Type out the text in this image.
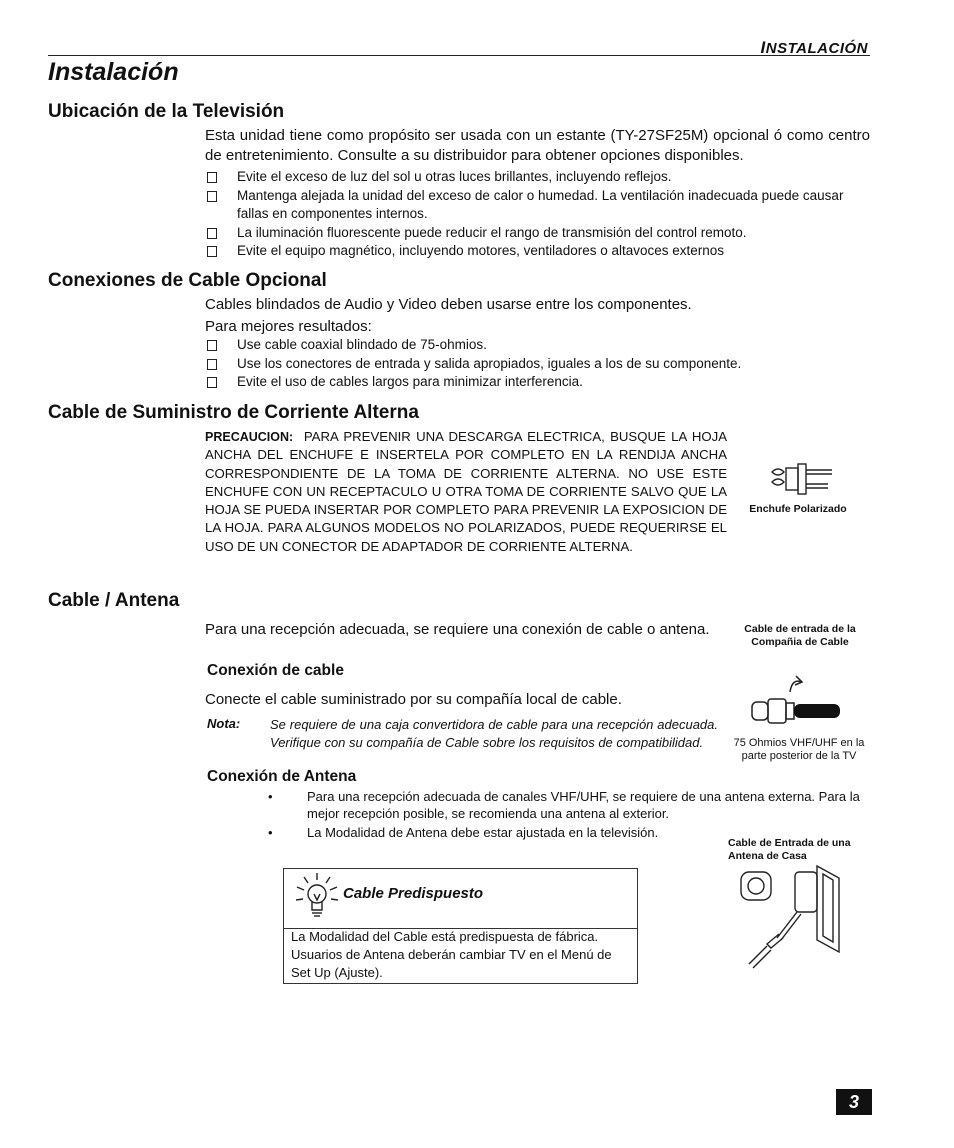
INSTALACIÓN
Instalación
Ubicación de la Televisión
Esta unidad tiene como propósito ser usada con un estante (TY-27SF25M) opcional ó como centro de entretenimiento. Consulte a su distribuidor para obtener opciones disponibles.
Evite el exceso de luz del sol u otras luces brillantes, incluyendo reflejos.
Mantenga alejada la unidad del exceso de calor o humedad. La ventilación inadecuada puede causar fallas en componentes internos.
La iluminación fluorescente puede reducir el rango de transmisión del control remoto.
Evite el equipo magnético, incluyendo motores, ventiladores o altavoces externos
Conexiones de Cable Opcional
Cables blindados de Audio y Video deben usarse entre los componentes.
Para mejores resultados:
Use cable coaxial blindado de 75-ohmios.
Use los conectores de entrada y salida apropiados, iguales a los de su componente.
Evite el uso de cables largos para minimizar interferencia.
Cable de Suministro de Corriente Alterna
PRECAUCION: PARA PREVENIR UNA DESCARGA ELECTRICA, BUSQUE LA HOJA ANCHA DEL ENCHUFE E INSERTELA POR COMPLETO EN LA RENDIJA ANCHA CORRESPONDIENTE DE LA TOMA DE CORRIENTE ALTERNA. NO USE ESTE ENCHUFE CON UN RECEPTACULO U OTRA TOMA DE CORRIENTE SALVO QUE LA HOJA SE PUEDA INSERTAR POR COMPLETO PARA PREVENIR LA EXPOSICION DE LA HOJA. PARA ALGUNOS MODELOS NO POLARIZADOS, PUEDE REQUERIRSE EL USO DE UN CONECTOR DE ADAPTADOR DE CORRIENTE ALTERNA.
Enchufe Polarizado
Cable / Antena
Para una recepción adecuada, se requiere una conexión de cable o antena.	Cable de entrada de la Compañia de Cable
Conexión de cable
Conecte el cable suministrado por su compañía local de cable.
Nota: Se requiere de una caja convertidora de cable para una recepción adecuada. Verifique con su compañía de Cable sobre los requisitos de compatibilidad.	75 Ohmios VHF/UHF en la parte posterior de la TV
Conexión de Antena
• Para una recepción adecuada de canales VHF/UHF, se requiere de una antena externa. Para la mejor recepción posible, se recomienda una antena al exterior.
• La Modalidad de Antena debe estar ajustada en la televisión.
Cable de Entrada de una Antena de Casa
Cable Predispuesto
La Modalidad del Cable está predispuesta de fábrica. Usuarios de Antena deberán cambiar TV en el Menú de Set Up (Ajuste).
3
